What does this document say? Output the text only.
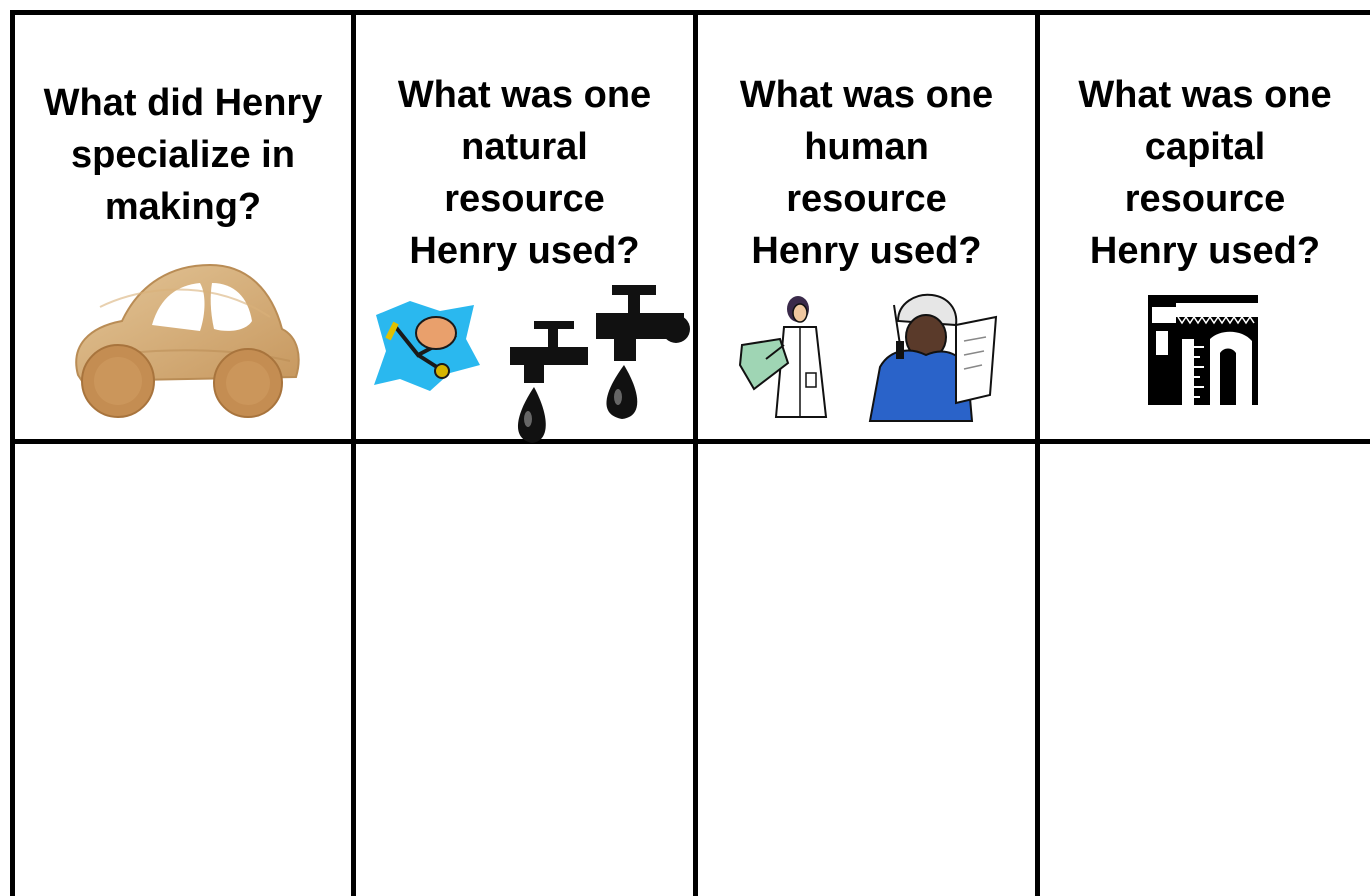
What did Henry
specialize in
making?
What was one
natural
resource
Henry used?
What was one
human
resource
Henry used?
What was one
capital
resource
Henry used?
